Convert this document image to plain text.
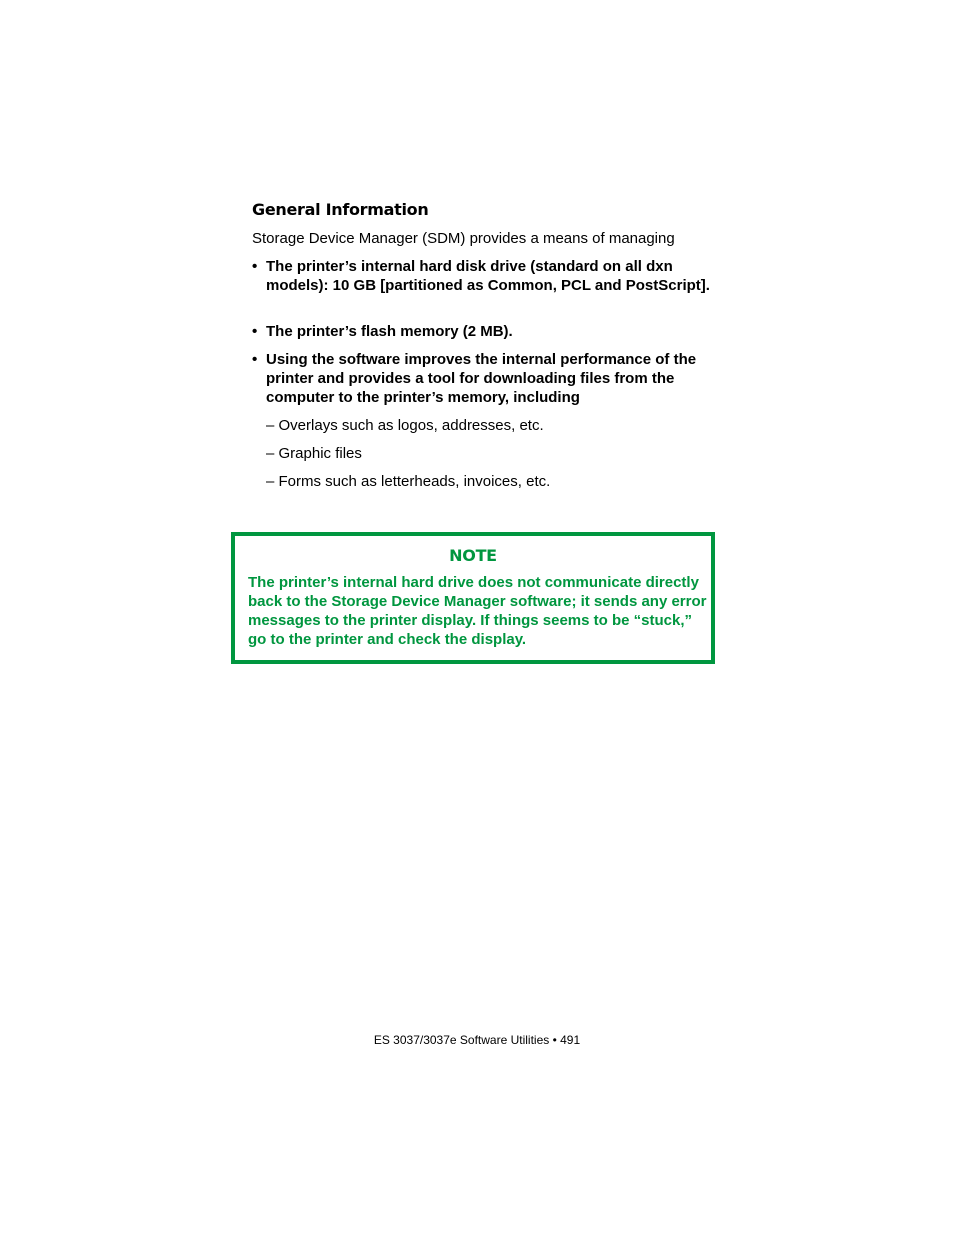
General Information
Storage Device Manager (SDM) provides a means of managing
• The printer’s internal hard disk drive (standard on all dxn models): 10 GB [partitioned as Common, PCL and PostScript].
• The printer’s flash memory (2 MB).
• Using the software improves the internal performance of the printer and provides a tool for downloading files from the computer to the printer’s memory, including
– Overlays such as logos, addresses, etc.
– Graphic files
– Forms such as letterheads, invoices, etc.
NOTE
The printer’s internal hard drive does not communicate directly back to the Storage Device Manager software; it sends any error messages to the printer display. If things seems to be “stuck,” go to the printer and check the display.
ES 3037/3037e Software Utilities • 491
